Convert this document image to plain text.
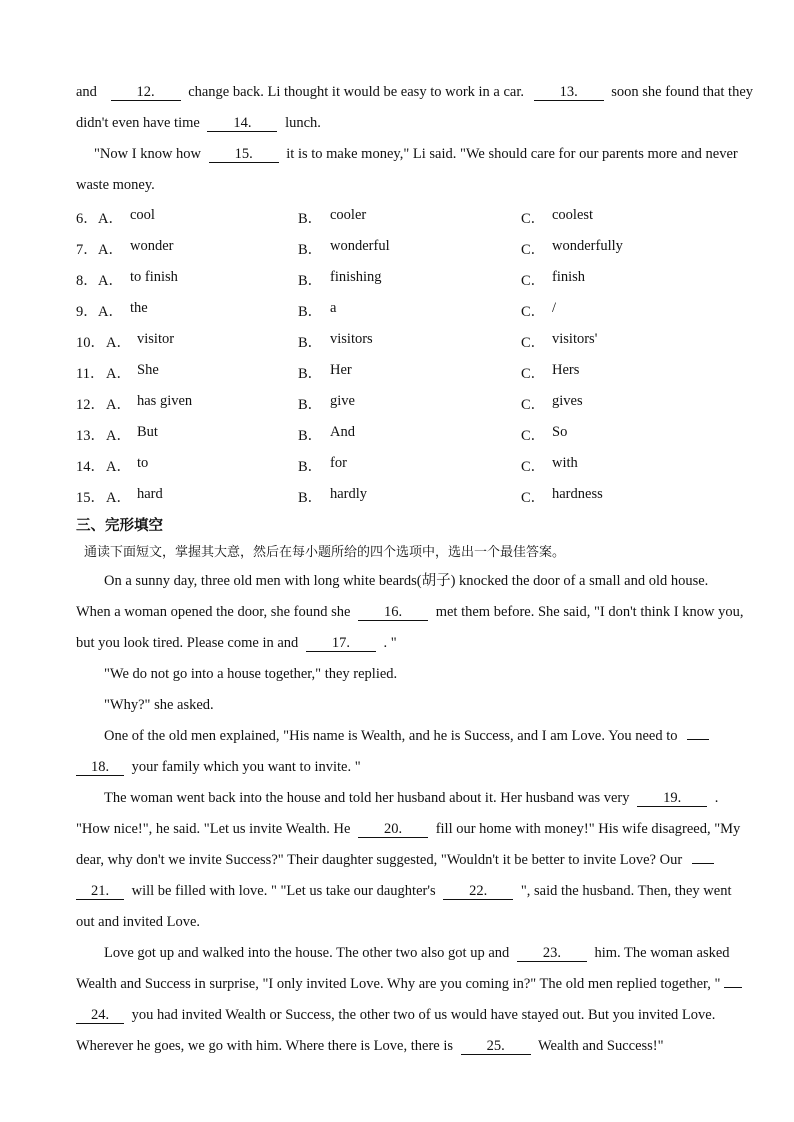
and	12. change back. Li thought it would be easy to work in a car. 13. soon she found that they
didn't even have time 14. lunch.
"Now I know how 15. it is to make money," Li said. "We should care for our parents more and never
waste money.
6． A． cool	B． cooler	C． coolest
7． A． wonder	B． wonderful	C． wonderfully
8． A． to finish	B． finishing	C． finish
9． A． the	B． a	C． /
10． A． visitor	B． visitors	C． visitors'
11． A． She	B． Her	C． Hers
12． A． has given	B． give	C． gives
13． A． But	B． And	C． So
14． A． to	B． for	C． with
15． A． hard	B． hardly	C． hardness
三、完形填空
通读下面短文，掌握其大意，然后在每小题所给的四个选项中，选出一个最佳答案。
On a sunny day, three old men with long white beards(胡子) knocked the door of a small and old house.
When a woman opened the door, she found she 16. met them before. She said, "I don't think I know you,
but you look tired. Please come in and 17. . "
"We do not go into a house together," they replied.
"Why?" she asked.
One of the old men explained, "His name is Wealth, and he is Success, and I am Love. You need to
18. your family which you want to invite. "
The woman went back into the house and told her husband about it. Her husband was very 19. .
"How nice!", he said. "Let us invite Wealth. He 20. fill our home with money!" His wife disagreed, "My
dear, why don't we invite Success?" Their daughter suggested, "Wouldn't it be better to invite Love? Our
21. will be filled with love. " "Let us take our daughter's 22. ", said the husband. Then, they went
out and invited Love.
Love got up and walked into the house. The other two also got up and 23. him. The woman asked
Wealth and Success in surprise, "I only invited Love. Why are you coming in?" The old men replied together, "
24. you had invited Wealth or Success, the other two of us would have stayed out. But you invited Love.
Wherever he goes, we go with him. Where there is Love, there is 25. Wealth and Success!"
